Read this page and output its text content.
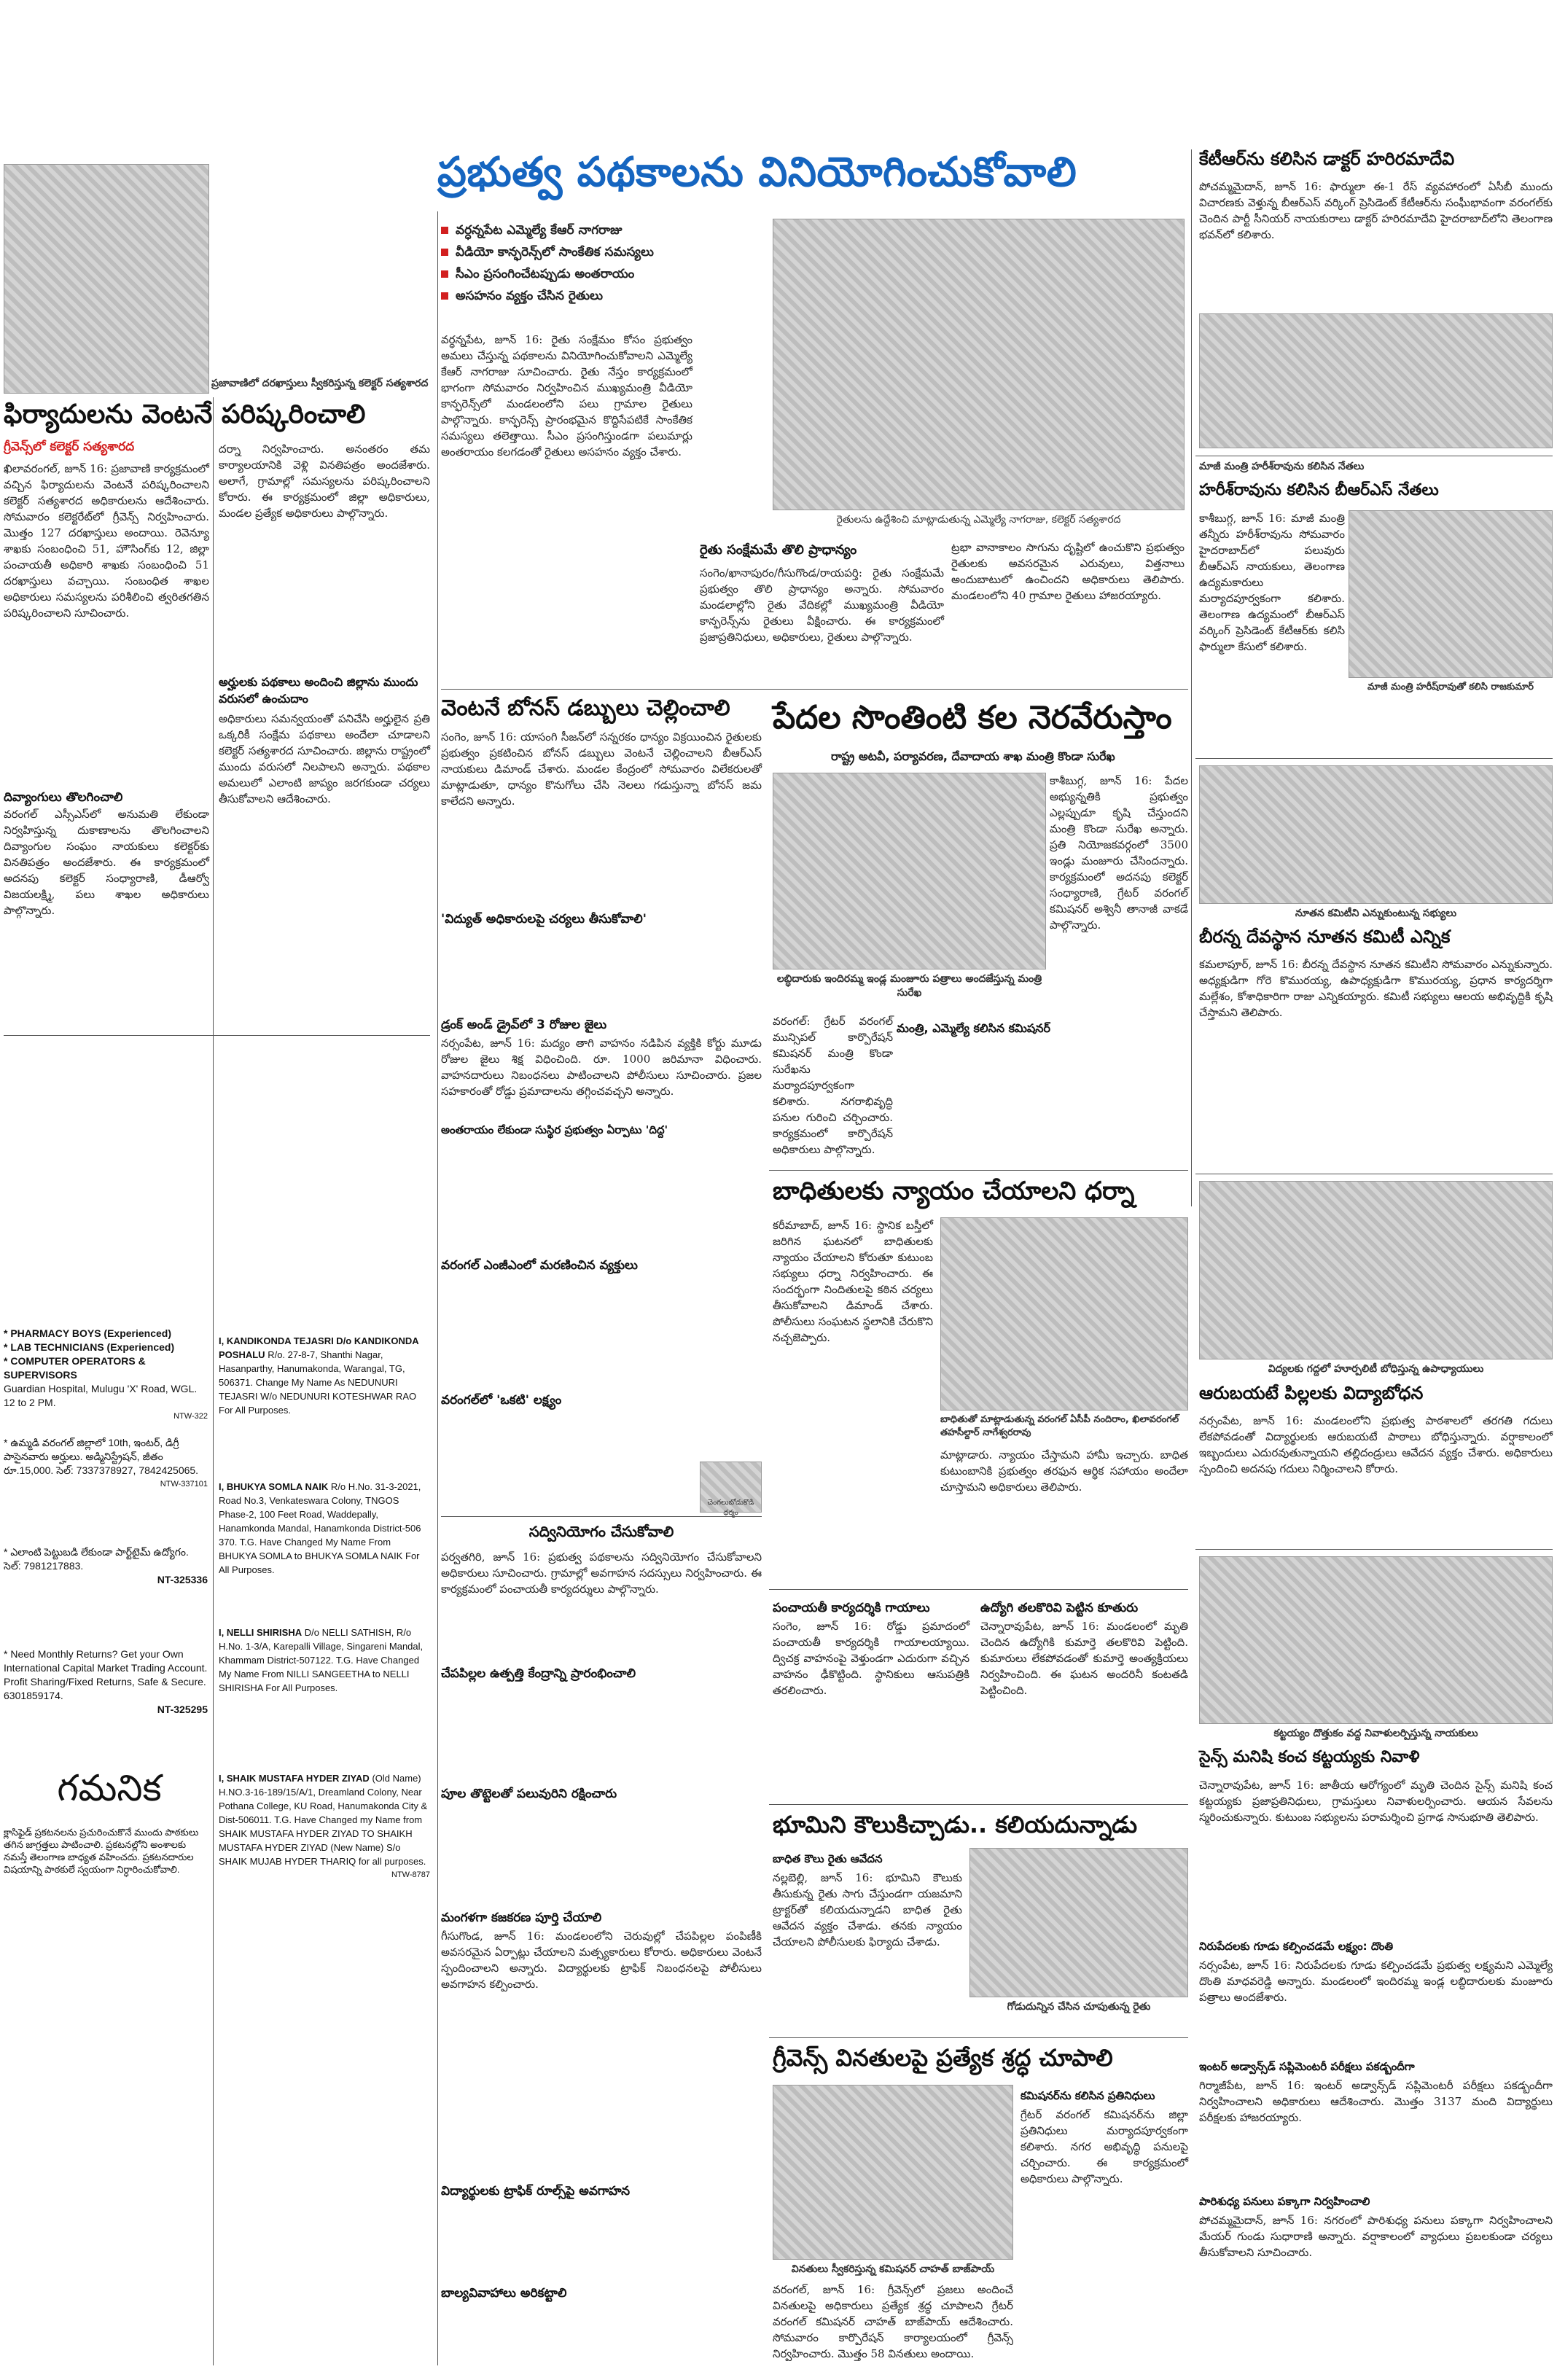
ప్రభుత్వ పథకాలను వినియోగించుకోవాలి
వర్ధన్నపేట ఎమ్మెల్యే కేఆర్ నాగరాజు
వీడియో కాన్ఫరెన్స్‌లో సాంకేతిక సమస్యలు
సీఎం ప్రసంగించేటప్పుడు అంతరాయం
అసహనం వ్యక్తం చేసిన రైతులు
వర్ధన్నపేట, జూన్ 16: రైతు సంక్షేమం కోసం ప్రభుత్వం అమలు చేస్తున్న పథకాలను వినియోగించుకోవాలని ఎమ్మెల్యే కేఆర్ నాగరాజు సూచించారు. రైతు నేస్తం కార్యక్రమంలో భాగంగా సోమవారం నిర్వహించిన ముఖ్యమంత్రి వీడియో కాన్ఫరెన్స్‌లో మండలంలోని పలు గ్రామాల రైతులు పాల్గొన్నారు. కాన్ఫరెన్స్ ప్రారంభమైన కొద్దిసేపటికే సాంకేతిక సమస్యలు తలెత్తాయి. సీఎం ప్రసంగిస్తుండగా పలుమార్లు అంతరాయం కలగడంతో రైతులు అసహనం వ్యక్తం చేశారు.
రైతులను ఉద్దేశించి మాట్లాడుతున్న ఎమ్మెల్యే నాగరాజు, కలెక్టర్ సత్యశారద
ప్రజావాణిలో దరఖాస్తులు స్వీకరిస్తున్న కలెక్టర్ సత్యశారద
ఫిర్యాదులను వెంటనే పరిష్కరించాలి
గ్రీవెన్స్‌లో కలెక్టర్ సత్యశారద
ఖిలావరంగల్, జూన్ 16: ప్రజావాణి కార్యక్రమంలో వచ్చిన ఫిర్యాదులను వెంటనే పరిష్కరించాలని కలెక్టర్ సత్యశారద అధికారులను ఆదేశించారు. సోమవారం కలెక్టరేట్‌లో గ్రీవెన్స్ నిర్వహించారు. మొత్తం 127 దరఖాస్తులు అందాయి. రెవెన్యూ శాఖకు సంబంధించి 51, హౌసింగ్‌కు 12, జిల్లా పంచాయతీ అధికారి శాఖకు సంబంధించి 51 దరఖాస్తులు వచ్చాయి. సంబంధిత శాఖల అధికారులు సమస్యలను పరిశీలించి త్వరితగతిన పరిష్కరించాలని సూచించారు.
దివ్యాంగులు తొలగించాలి
వరంగల్ ఎస్సీఎస్‌లో అనుమతి లేకుండా నిర్వహిస్తున్న దుకాణాలను తొలగించాలని దివ్యాంగుల సంఘం నాయకులు కలెక్టర్‌కు వినతిపత్రం అందజేశారు. ఈ కార్యక్రమంలో అదనపు కలెక్టర్ సంధ్యారాణి, డీఆర్వో విజయలక్ష్మి, పలు శాఖల అధికారులు పాల్గొన్నారు.
దర్నా నిర్వహించారు. అనంతరం తమ కార్యాలయానికి వెళ్లి వినతిపత్రం అందజేశారు. అలాగే, గ్రామాల్లో సమస్యలను పరిష్కరించాలని కోరారు. ఈ కార్యక్రమంలో జిల్లా అధికారులు, మండల ప్రత్యేక అధికారులు పాల్గొన్నారు.
అర్హులకు పథకాలు అందించి జిల్లాను ముందు వరుసలో ఉంచుదాం
అధికారులు సమన్వయంతో పనిచేసి అర్హులైన ప్రతి ఒక్కరికీ సంక్షేమ పథకాలు అందేలా చూడాలని కలెక్టర్ సత్యశారద సూచించారు. జిల్లాను రాష్ట్రంలో ముందు వరుసలో నిలపాలని అన్నారు. పథకాల అమలులో ఎలాంటి జాప్యం జరగకుండా చర్యలు తీసుకోవాలని ఆదేశించారు.
* PHARMACY BOYS (Experienced)
* LAB TECHNICIANS (Experienced)
* COMPUTER OPERATORS & SUPERVISORS
Guardian Hospital, Mulugu 'X' Road, WGL. 12 to 2 PM.
NTW-322
* ఉమ్మడి వరంగల్ జిల్లాలో 10th, ఇంటర్, డిగ్రీ పాసైనవారు అర్హులు. అడ్మినిస్ట్రేషన్, జీతం రూ.15,000. సెల్: 7337378927, 7842425065.
NTW-337101
* ఎలాంటి పెట్టుబడి లేకుండా పార్ట్‌టైమ్ ఉద్యోగం. సెల్: 7981217883.
NT-325336
* Need Monthly Returns? Get your Own International Capital Market Trading Account. Profit Sharing/Fixed Returns, Safe & Secure. 6301859174.
NT-325295
గమనిక
క్లాసిఫైడ్ ప్రకటనలను ప్రచురించుకొనే ముందు పాఠకులు తగిన జాగ్రత్తలు పాటించాలి. ప్రకటనల్లోని అంశాలకు నమస్తే తెలంగాణ బాధ్యత వహించదు. ప్రకటనదారుల విషయాన్ని పాఠకులే స్వయంగా నిర్ధారించుకోవాలి.
I, KANDIKONDA TEJASRI D/o KANDIKONDA POSHALU R/o. 27-8-7, Shanthi Nagar, Hasanparthy, Hanumakonda, Warangal, TG, 506371. Change My Name As NEDUNURI TEJASRI W/o NEDUNURI KOTESHWAR RAO For All Purposes.
I, BHUKYA SOMLA NAIK R/o H.No. 31-3-2021, Road No.3, Venkateswara Colony, TNGOS Phase-2, 100 Feet Road, Waddepally, Hanamkonda Mandal, Hanamkonda District-506 370. T.G. Have Changed My Name From BHUKYA SOMLA to BHUKYA SOMLA NAIK For All Purposes.
I, NELLI SHIRISHA D/o NELLI SATHISH, R/o H.No. 1-3/A, Karepalli Village, Singareni Mandal, Khammam District-507122. T.G. Have Changed My Name From NILLI SANGEETHA to NELLI SHIRISHA For All Purposes.
I, SHAIK MUSTAFA HYDER ZIYAD (Old Name) H.NO.3-16-189/15/A/1, Dreamland Colony, Near Pothana College, KU Road, Hanumakonda City & Dist-506011. T.G. Have Changed my Name from SHAIK MUSTAFA HYDER ZIYAD TO SHAIKH MUSTAFA HYDER ZIYAD (New Name) S/o SHAIK MUJAB HYDER THARIQ for all purposes.
NTW-8787
రైతు సంక్షేమమే తొలి ప్రాధాన్యం
సంగెం/ఖానాపురం/గీసుగొండ/రాయపర్తి: రైతు సంక్షేమమే ప్రభుత్వం తొలి ప్రాధాన్యం అన్నారు. సోమవారం మండలాల్లోని రైతు వేదికల్లో ముఖ్యమంత్రి వీడియో కాన్ఫరెన్స్‌ను రైతులు వీక్షించారు. ఈ కార్యక్రమంలో ప్రజాప్రతినిధులు, అధికారులు, రైతులు పాల్గొన్నారు.
ట్రభా వానాకాలం సాగును దృష్టిలో ఉంచుకొని ప్రభుత్వం రైతులకు అవసరమైన ఎరువులు, విత్తనాలు అందుబాటులో ఉంచిందని అధికారులు తెలిపారు. మండలంలోని 40 గ్రామాల రైతులు హాజరయ్యారు.
వెంటనే బోనస్ డబ్బులు చెల్లించాలి
సంగెం, జూన్ 16: యాసంగి సీజన్‌లో సన్నరకం ధాన్యం విక్రయించిన రైతులకు ప్రభుత్వం ప్రకటించిన బోనస్ డబ్బులు వెంటనే చెల్లించాలని బీఆర్‌ఎస్ నాయకులు డిమాండ్ చేశారు. మండల కేంద్రంలో సోమవారం విలేకరులతో మాట్లాడుతూ, ధాన్యం కొనుగోలు చేసి నెలలు గడుస్తున్నా బోనస్ జమ కాలేదని అన్నారు.
'విద్యుత్ అధికారులపై చర్యలు తీసుకోవాలి'
డ్రంక్ అండ్ డ్రైవ్‌లో 3 రోజుల జైలు
నర్సంపేట, జూన్ 16: మద్యం తాగి వాహనం నడిపిన వ్యక్తికి కోర్టు మూడు రోజుల జైలు శిక్ష విధించింది. రూ. 1000 జరిమానా విధించారు. వాహనదారులు నిబంధనలు పాటించాలని పోలీసులు సూచించారు. ప్రజల సహకారంతో రోడ్డు ప్రమాదాలను తగ్గించవచ్చని అన్నారు.
అంతరాయం లేకుండా సుస్థిర ప్రభుత్వం ఏర్పాటు 'దిద్ద'
వరంగల్ ఎంజీఎంలో మరణించిన వ్యక్తులు
వరంగల్‌లో 'ఒకటి' లక్ష్యం
సద్వినియోగం చేసుకోవాలి
పర్వతగిరి, జూన్ 16: ప్రభుత్వ పథకాలను సద్వినియోగం చేసుకోవాలని అధికారులు సూచించారు. గ్రామాల్లో అవగాహన సదస్సులు నిర్వహించారు. ఈ కార్యక్రమంలో పంచాయతీ కార్యదర్శులు పాల్గొన్నారు.
చేపపిల్లల ఉత్పత్తి కేంద్రాన్ని ప్రారంభించాలి
పూల తొట్టెలతో పలువురిని రక్షించారు
మంగళగా కజకరణ పూర్తి చేయాలి
గీసుగొండ, జూన్ 16: మండలంలోని చెరువుల్లో చేపపిల్లల పంపిణీకి అవసరమైన ఏర్పాట్లు చేయాలని మత్స్యకారులు కోరారు. అధికారులు వెంటనే స్పందించాలని అన్నారు. విద్యార్థులకు ట్రాఫిక్ నిబంధనలపై పోలీసులు అవగాహన కల్పించారు.
విద్యార్థులకు ట్రాఫిక్ రూల్స్‌పై అవగాహన
బాల్యవివాహాలు అరికట్టాలి
పేదల సొంతింటి కల నెరవేరుస్తాం
రాష్ట్ర అటవీ, పర్యావరణ, దేవాదాయ శాఖ మంత్రి కొండా సురేఖ
లబ్ధిదారుకు ఇందిరమ్మ ఇండ్ల మంజూరు పత్రాలు అందజేస్తున్న మంత్రి సురేఖ
కాశీబుగ్గ, జూన్ 16: పేదల అభ్యున్నతికి ప్రభుత్వం ఎల్లప్పుడూ కృషి చేస్తుందని మంత్రి కొండా సురేఖ అన్నారు. ప్రతి నియోజకవర్గంలో 3500 ఇండ్లు మంజూరు చేసిందన్నారు. కార్యక్రమంలో అదనపు కలెక్టర్ సంధ్యారాణి, గ్రేటర్ వరంగల్ కమిషనర్ అశ్వినీ తానాజీ వాకడే పాల్గొన్నారు.
మంత్రి, ఎమ్మెల్యే కలిసిన కమిషనర్
వరంగల్: గ్రేటర్ వరంగల్ మున్సిపల్ కార్పొరేషన్ కమిషనర్ మంత్రి కొండా సురేఖను మర్యాదపూర్వకంగా కలిశారు. నగరాభివృద్ధి పనుల గురించి చర్చించారు. కార్యక్రమంలో కార్పొరేషన్ అధికారులు పాల్గొన్నారు.
బాధితులకు న్యాయం చేయాలని ధర్నా
కరీమాబాద్, జూన్ 16: స్థానిక బస్తీలో జరిగిన ఘటనలో బాధితులకు న్యాయం చేయాలని కోరుతూ కుటుంబ సభ్యులు ధర్నా నిర్వహించారు. ఈ సందర్భంగా నిందితులపై కఠిన చర్యలు తీసుకోవాలని డిమాండ్ చేశారు. పోలీసులు సంఘటన స్థలానికి చేరుకొని నచ్చజెప్పారు.
బాధితుతో మాట్లాడుతున్న వరంగల్ ఏసీపీ నందిరాం, ఖిలావరంగల్ తహసీల్దార్ నాగేశ్వరరావు
మాట్లాడారు. న్యాయం చేస్తామని హామీ ఇచ్చారు. బాధిత కుటుంబానికి ప్రభుత్వం తరఫున ఆర్థిక సహాయం అందేలా చూస్తామని అధికారులు తెలిపారు.
పంచాయతీ కార్యదర్శికి గాయాలు
సంగెం, జూన్ 16: రోడ్డు ప్రమాదంలో పంచాయతీ కార్యదర్శికి గాయాలయ్యాయి. ద్విచక్ర వాహనంపై వెళ్తుండగా ఎదురుగా వచ్చిన వాహనం ఢీకొట్టింది. స్థానికులు ఆసుపత్రికి తరలించారు.
ఉద్యోగి తలకొరివి పెట్టిన కూతురు
చెన్నారావుపేట, జూన్ 16: మండలంలో మృతి చెందిన ఉద్యోగికి కుమార్తె తలకొరివి పెట్టింది. కుమారులు లేకపోవడంతో కుమార్తె అంత్యక్రియలు నిర్వహించింది. ఈ ఘటన అందరినీ కంటతడి పెట్టించింది.
భూమిని కౌలుకిచ్చాడు.. కలియదున్నాడు
బాధిత కౌలు రైతు ఆవేదన
నల్లబెల్లి, జూన్ 16: భూమిని కౌలుకు తీసుకున్న రైతు సాగు చేస్తుండగా యజమాని ట్రాక్టర్‌తో కలియదున్నాడని బాధిత రైతు ఆవేదన వ్యక్తం చేశాడు. తనకు న్యాయం చేయాలని పోలీసులకు ఫిర్యాదు చేశాడు.
గోడుదున్నిన చేసిన చూపుతున్న రైతు
గ్రీవెన్స్ వినతులపై ప్రత్యేక శ్రద్ధ చూపాలి
వినతులు స్వీకరిస్తున్న కమిషనర్ చాహత్ బాజ్‌పాయ్
వరంగల్, జూన్ 16: గ్రీవెన్స్‌లో ప్రజలు అందించే వినతులపై అధికారులు ప్రత్యేక శ్రద్ధ చూపాలని గ్రేటర్ వరంగల్ కమిషనర్ చాహత్ బాజ్‌పాయ్ ఆదేశించారు. సోమవారం కార్పొరేషన్ కార్యాలయంలో గ్రీవెన్స్ నిర్వహించారు. మొత్తం 58 వినతులు అందాయి.
కమిషనర్‌ను కలిసిన ప్రతినిధులు
గ్రేటర్ వరంగల్ కమిషనర్‌ను జిల్లా ప్రతినిధులు మర్యాదపూర్వకంగా కలిశారు. నగర అభివృద్ధి పనులపై చర్చించారు. ఈ కార్యక్రమంలో అధికారులు పాల్గొన్నారు.
కేటీఆర్‌ను కలిసిన డాక్టర్ హరిరమాదేవి
పోచమ్మమైదాన్, జూన్ 16: ఫార్ములా ఈ-1 రేస్ వ్యవహారంలో ఏసీబీ ముందు విచారణకు వెళ్తున్న బీఆర్‌ఎస్ వర్కింగ్ ప్రెసిడెంట్ కేటీఆర్‌ను సంఘీభావంగా వరంగల్‌కు చెందిన పార్టీ సీనియర్ నాయకురాలు డాక్టర్ హరిరమాదేవి హైదరాబాద్‌లోని తెలంగాణ భవన్‌లో కలిశారు.
మాజీ మంత్రి హరీశ్‌రావును కలిసిన నేతలు
హరీశ్‌రావును కలిసిన బీఆర్‌ఎస్ నేతలు
కాశీబుగ్గ, జూన్ 16: మాజీ మంత్రి తన్నీరు హరీశ్‌రావును సోమవారం హైదరాబాద్‌లో పలువురు బీఆర్‌ఎస్ నాయకులు, తెలంగాణ ఉద్యమకారులు మర్యాదపూర్వకంగా కలిశారు. తెలంగాణ ఉద్యమంలో బీఆర్‌ఎస్ వర్కింగ్ ప్రెసిడెంట్ కేటీఆర్‌కు కలిసి ఫార్ములా కేసులో కలిశారు.
మాజీ మంత్రి హరీష్‌రావుతో కలిసి రాజకుమార్
నూతన కమిటీని ఎన్నుకుంటున్న సభ్యులు
బీరన్న దేవస్థాన నూతన కమిటీ ఎన్నిక
కమలాపూర్, జూన్ 16: బీరన్న దేవస్థాన నూతన కమిటీని సోమవారం ఎన్నుకున్నారు. అధ్యక్షుడిగా గోరె కొమురయ్య, ఉపాధ్యక్షుడిగా కొమురయ్య, ప్రధాన కార్యదర్శిగా మల్లేశం, కోశాధికారిగా రాజు ఎన్నికయ్యారు. కమిటీ సభ్యులు ఆలయ అభివృద్ధికి కృషి చేస్తామని తెలిపారు.
విద్యలకు గద్దలో హూర్పలిటీ బోధిస్తున్న ఉపాధ్యాయులు
ఆరుబయటే పిల్లలకు విద్యాబోధన
నర్సంపేట, జూన్ 16: మండలంలోని ప్రభుత్వ పాఠశాలలో తరగతి గదులు లేకపోవడంతో విద్యార్థులకు ఆరుబయటే పాఠాలు బోధిస్తున్నారు. వర్షాకాలంలో ఇబ్బందులు ఎదురవుతున్నాయని తల్లిదండ్రులు ఆవేదన వ్యక్తం చేశారు. అధికారులు స్పందించి అదనపు గదులు నిర్మించాలని కోరారు.
కట్టయ్యం దొత్తుకం వద్ద నివాళులర్పిస్తున్న నాయకులు
సైన్స్ మనిషి కంచ కట్టయ్యకు నివాళి
చెన్నారావుపేట, జూన్ 16: జాతీయ ఆరోగ్యంలో మృతి చెందిన సైన్స్ మనిషి కంచ కట్టయ్యకు ప్రజాప్రతినిధులు, గ్రామస్తులు నివాళులర్పించారు. ఆయన సేవలను స్మరించుకున్నారు. కుటుంబ సభ్యులను పరామర్శించి ప్రగాఢ సానుభూతి తెలిపారు.
నిరుపేదలకు గూడు కల్పించడమే లక్ష్యం: దొంతి
నర్సంపేట, జూన్ 16: నిరుపేదలకు గూడు కల్పించడమే ప్రభుత్వ లక్ష్యమని ఎమ్మెల్యే దొంతి మాధవరెడ్డి అన్నారు. మండలంలో ఇందిరమ్మ ఇండ్ల లబ్ధిదారులకు మంజూరు పత్రాలు అందజేశారు.
ఇంటర్ అడ్వాన్స్‌డ్ సప్లిమెంటరీ పరీక్షలు పకడ్బందీగా
గిర్మాజీపేట, జూన్ 16: ఇంటర్ అడ్వాన్స్‌డ్ సప్లిమెంటరీ పరీక్షలు పకడ్బందీగా నిర్వహించాలని అధికారులు ఆదేశించారు. మొత్తం 3137 మంది విద్యార్థులు పరీక్షలకు హాజరయ్యారు.
పారిశుధ్య పనులు పక్కాగా నిర్వహించాలి
పోచమ్మమైదాన్, జూన్ 16: నగరంలో పారిశుధ్య పనులు పక్కాగా నిర్వహించాలని మేయర్ గుండు సుధారాణి అన్నారు. వర్షాకాలంలో వ్యాధులు ప్రబలకుండా చర్యలు తీసుకోవాలని సూచించారు.
చెంగలుబోడుకొడి ధర్మం
